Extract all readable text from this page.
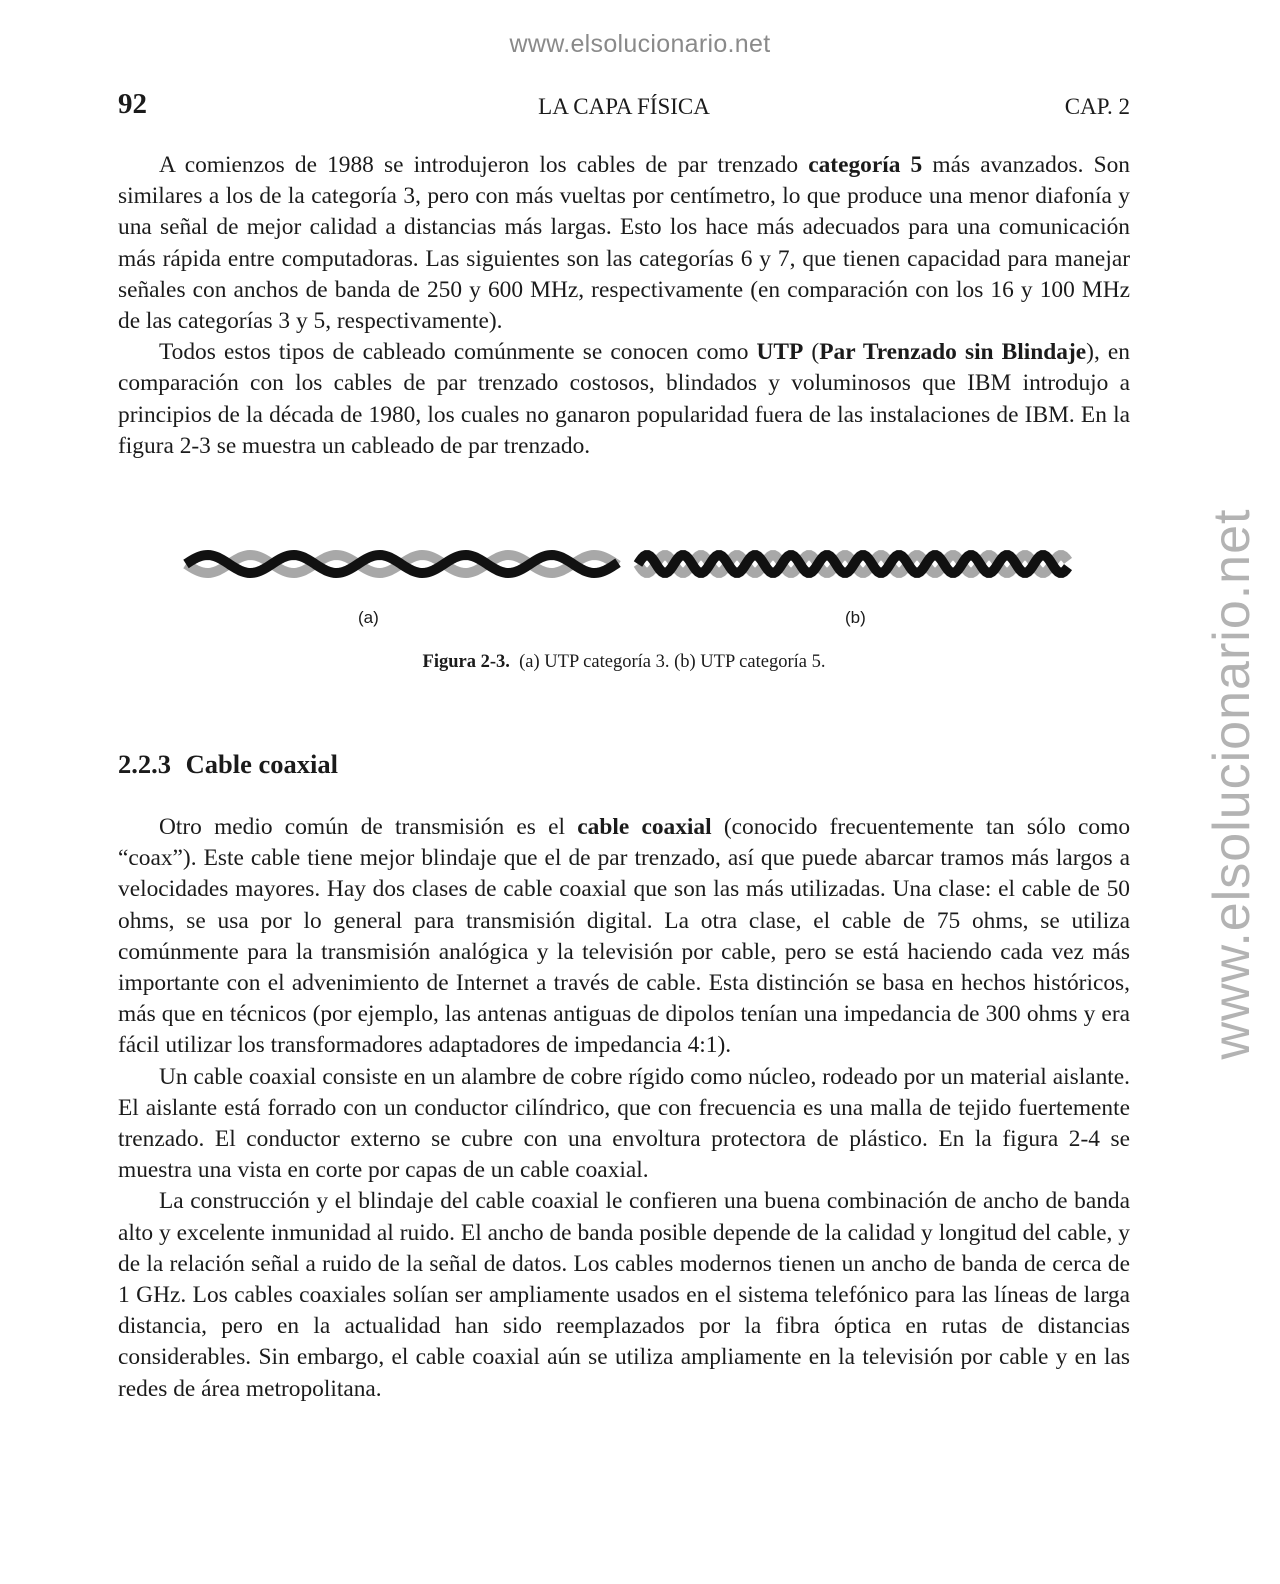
www.elsolucionario.net
www.elsolucionario.net
92	LA CAPA FÍSICA	CAP. 2

A comienzos de 1988 se introdujeron los cables de par trenzado categoría 5 más avanzados. Son similares a los de la categoría 3, pero con más vueltas por centímetro, lo que produce una menor diafonía y una señal de mejor calidad a distancias más largas. Esto los hace más adecuados para una comunicación más rápida entre computadoras. Las siguientes son las categorías 6 y 7, que tienen capacidad para manejar señales con anchos de banda de 250 y 600 MHz, respectivamente (en comparación con los 16 y 100 MHz de las categorías 3 y 5, respectivamente).

Todos estos tipos de cableado comúnmente se conocen como UTP (Par Trenzado sin Blindaje), en comparación con los cables de par trenzado costosos, blindados y voluminosos que IBM introdujo a principios de la década de 1980, los cuales no ganaron popularidad fuera de las instalaciones de IBM. En la figura 2-3 se muestra un cableado de par trenzado.

(a)	(b)
Figura 2-3. (a) UTP categoría 3. (b) UTP categoría 5.
2.2.3 Cable coaxial

Otro medio común de transmisión es el cable coaxial (conocido frecuentemente tan sólo como “coax”). Este cable tiene mejor blindaje que el de par trenzado, así que puede abarcar tramos más largos a velocidades mayores. Hay dos clases de cable coaxial que son las más utilizadas. Una clase: el cable de 50 ohms, se usa por lo general para transmisión digital. La otra clase, el cable de 75 ohms, se utiliza comúnmente para la transmisión analógica y la televisión por cable, pero se está haciendo cada vez más importante con el advenimiento de Internet a través de cable. Esta distinción se basa en hechos históricos, más que en técnicos (por ejemplo, las antenas antiguas de dipolos tenían una impedancia de 300 ohms y era fácil utilizar los transformadores adaptadores de impedancia 4:1).

Un cable coaxial consiste en un alambre de cobre rígido como núcleo, rodeado por un material aislante. El aislante está forrado con un conductor cilíndrico, que con frecuencia es una malla de tejido fuertemente trenzado. El conductor externo se cubre con una envoltura protectora de plástico. En la figura 2-4 se muestra una vista en corte por capas de un cable coaxial.

La construcción y el blindaje del cable coaxial le confieren una buena combinación de ancho de banda alto y excelente inmunidad al ruido. El ancho de banda posible depende de la calidad y longitud del cable, y de la relación señal a ruido de la señal de datos. Los cables modernos tienen un ancho de banda de cerca de 1 GHz. Los cables coaxiales solían ser ampliamente usados en el sistema telefónico para las líneas de larga distancia, pero en la actualidad han sido reemplazados por la fibra óptica en rutas de distancias considerables. Sin embargo, el cable coaxial aún se utiliza ampliamente en la televisión por cable y en las redes de área metropolitana.
